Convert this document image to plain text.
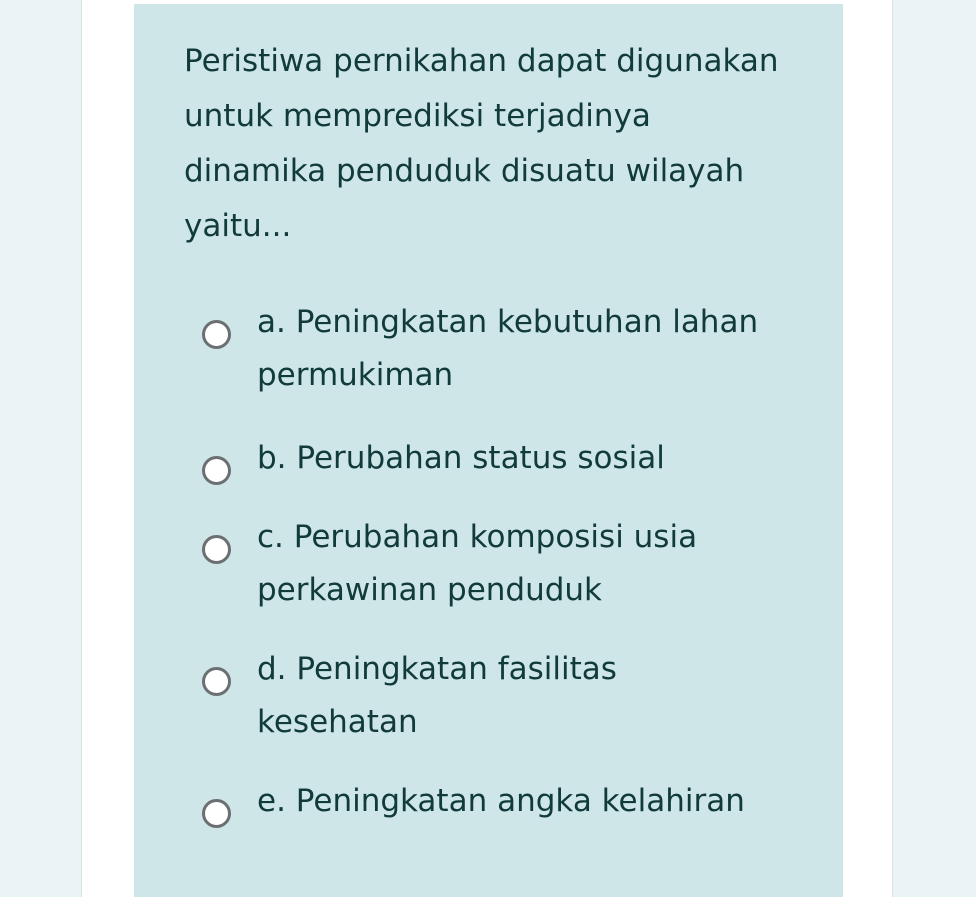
Peristiwa pernikahan dapat digunakan untuk memprediksi terjadinya dinamika penduduk disuatu wilayah yaitu...

a. Peningkatan kebutuhan lahan permukiman
b. Perubahan status sosial
c. Perubahan komposisi usia perkawinan penduduk
d. Peningkatan fasilitas kesehatan
e. Peningkatan angka kelahiran
